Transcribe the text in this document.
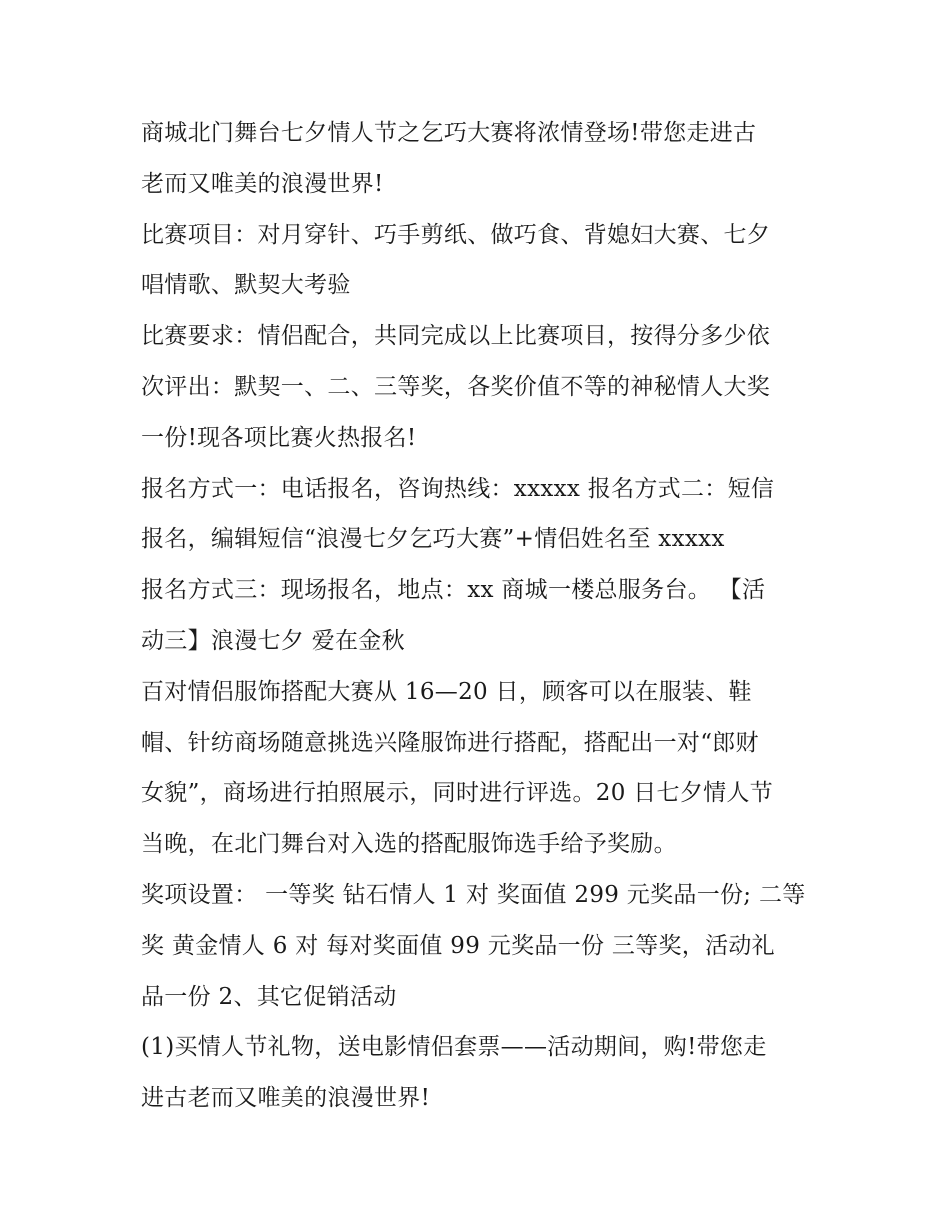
商城北门舞台七夕情人节之乞巧大赛将浓情登场!带您走进古
老而又唯美的浪漫世界!
比赛项目：对月穿针、巧手剪纸、做巧食、背媳妇大赛、七夕
唱情歌、默契大考验
比赛要求：情侣配合，共同完成以上比赛项目，按得分多少依
次评出：默契一、二、三等奖，各奖价值不等的神秘情人大奖
一份!现各项比赛火热报名!
报名方式一：电话报名，咨询热线：xxxxx 报名方式二：短信
报名，编辑短信“浪漫七夕乞巧大赛”+情侣姓名至 xxxxx
报名方式三：现场报名，地点：xx 商城一楼总服务台。 【活
动三】浪漫七夕 爱在金秋
百对情侣服饰搭配大赛从 16—20 日，顾客可以在服装、鞋
帽、针纺商场随意挑选兴隆服饰进行搭配，搭配出一对“郎财
女貌”，商场进行拍照展示，同时进行评选。20 日七夕情人节
当晚，在北门舞台对入选的搭配服饰选手给予奖励。
奖项设置： 一等奖 钻石情人 1 对 奖面值 299 元奖品一份; 二等
奖 黄金情人 6 对 每对奖面值 99 元奖品一份 三等奖，活动礼
品一份 2、其它促销活动
(1)买情人节礼物，送电影情侣套票——活动期间，购!带您走
进古老而又唯美的浪漫世界!
